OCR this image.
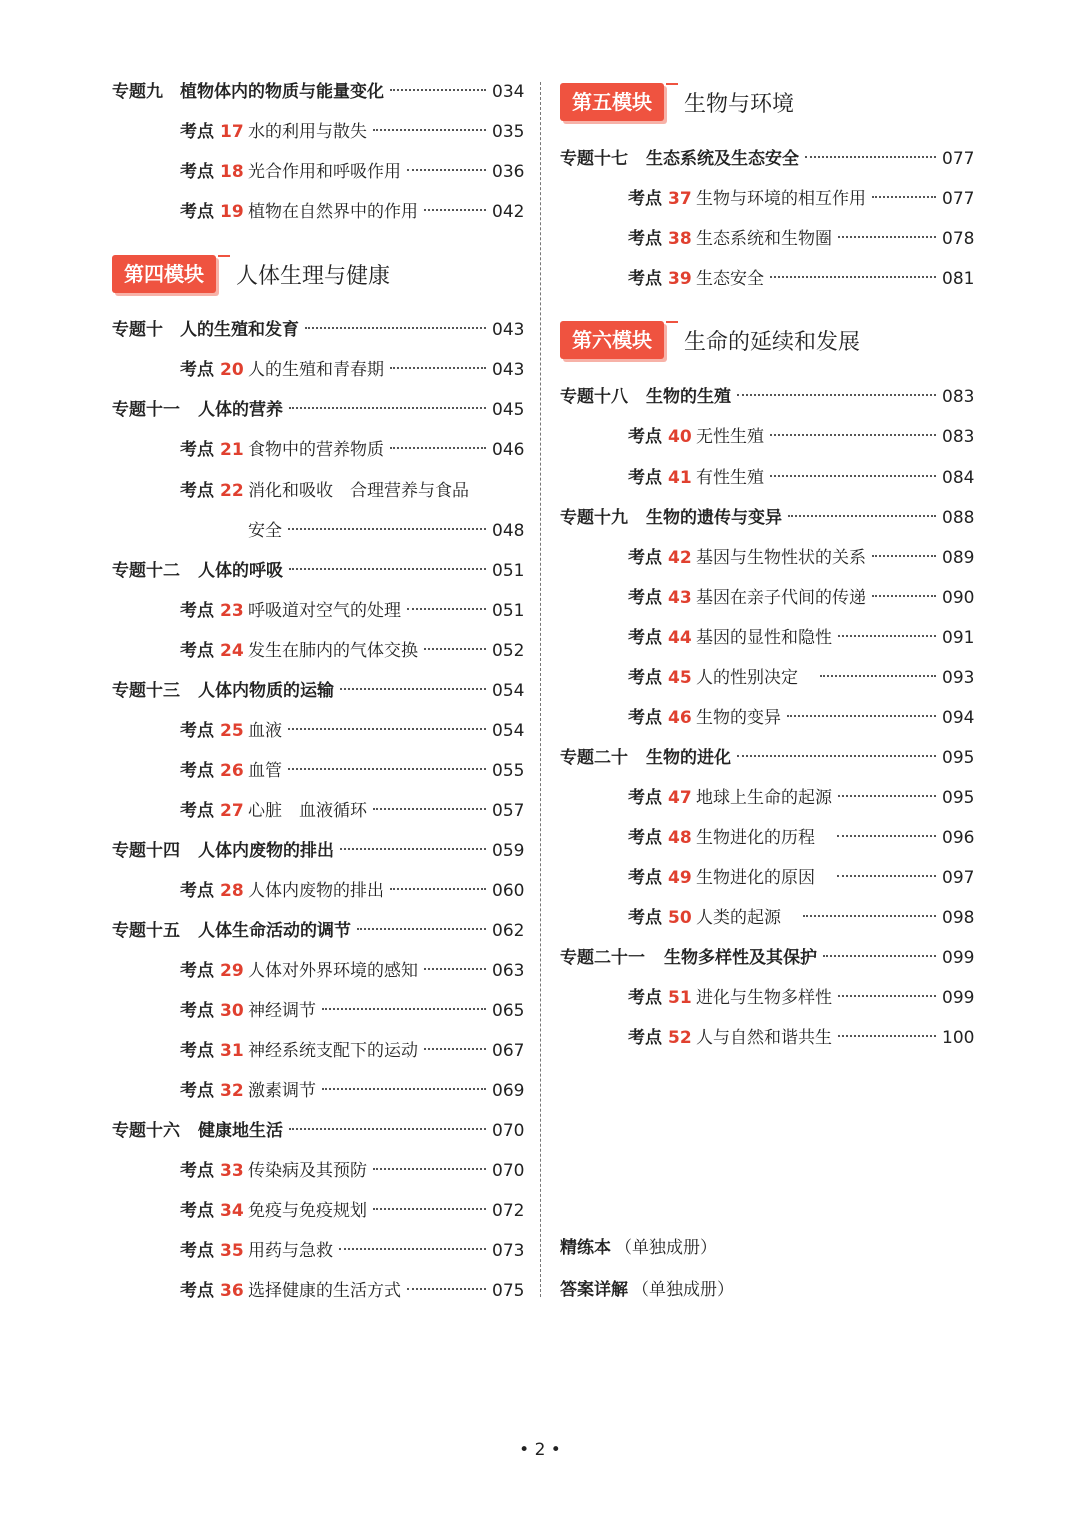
专题九	植物体内的物质与能量变化	034
考点 17 水的利用与散失	035
考点 18 光合作用和呼吸作用	036
考点 19 植物在自然界中的作用	042
第四模块	人体生理与健康
专题十	人的生殖和发育	043
考点 20 人的生殖和青春期	043
专题十一	人体的营养	045
考点 21 食物中的营养物质	046
考点 22 消化和吸收　合理营养与食品
安全	048
专题十二	人体的呼吸	051
考点 23 呼吸道对空气的处理	051
考点 24 发生在肺内的气体交换	052
专题十三	人体内物质的运输	054
考点 25 血液	054
考点 26 血管	055
考点 27 心脏　血液循环	057
专题十四	人体内废物的排出	059
考点 28 人体内废物的排出	060
专题十五	人体生命活动的调节	062
考点 29 人体对外界环境的感知	063
考点 30 神经调节	065
考点 31 神经系统支配下的运动	067
考点 32 激素调节	069
专题十六	健康地生活	070
考点 33 传染病及其预防	070
考点 34 免疫与免疫规划	072
考点 35 用药与急救	073
考点 36 选择健康的生活方式	075
第五模块	生物与环境
专题十七	生态系统及生态安全	077
考点 37 生物与环境的相互作用	077
考点 38 生态系统和生物圈	078
考点 39 生态安全	081
第六模块	生命的延续和发展
专题十八	生物的生殖	083
考点 40 无性生殖	083
考点 41 有性生殖	084
专题十九	生物的遗传与变异	088
考点 42 基因与生物性状的关系	089
考点 43 基因在亲子代间的传递	090
考点 44 基因的显性和隐性	091
考点 45 人的性别决定	093
考点 46 生物的变异	094
专题二十	生物的进化	095
考点 47 地球上生命的起源	095
考点 48 生物进化的历程	096
考点 49 生物进化的原因	097
考点 50 人类的起源	098
专题二十一	生物多样性及其保护	099
考点 51 进化与生物多样性	099
考点 52 人与自然和谐共生	100
精练本 （单独成册）
答案详解 （单独成册）
• 2 •
